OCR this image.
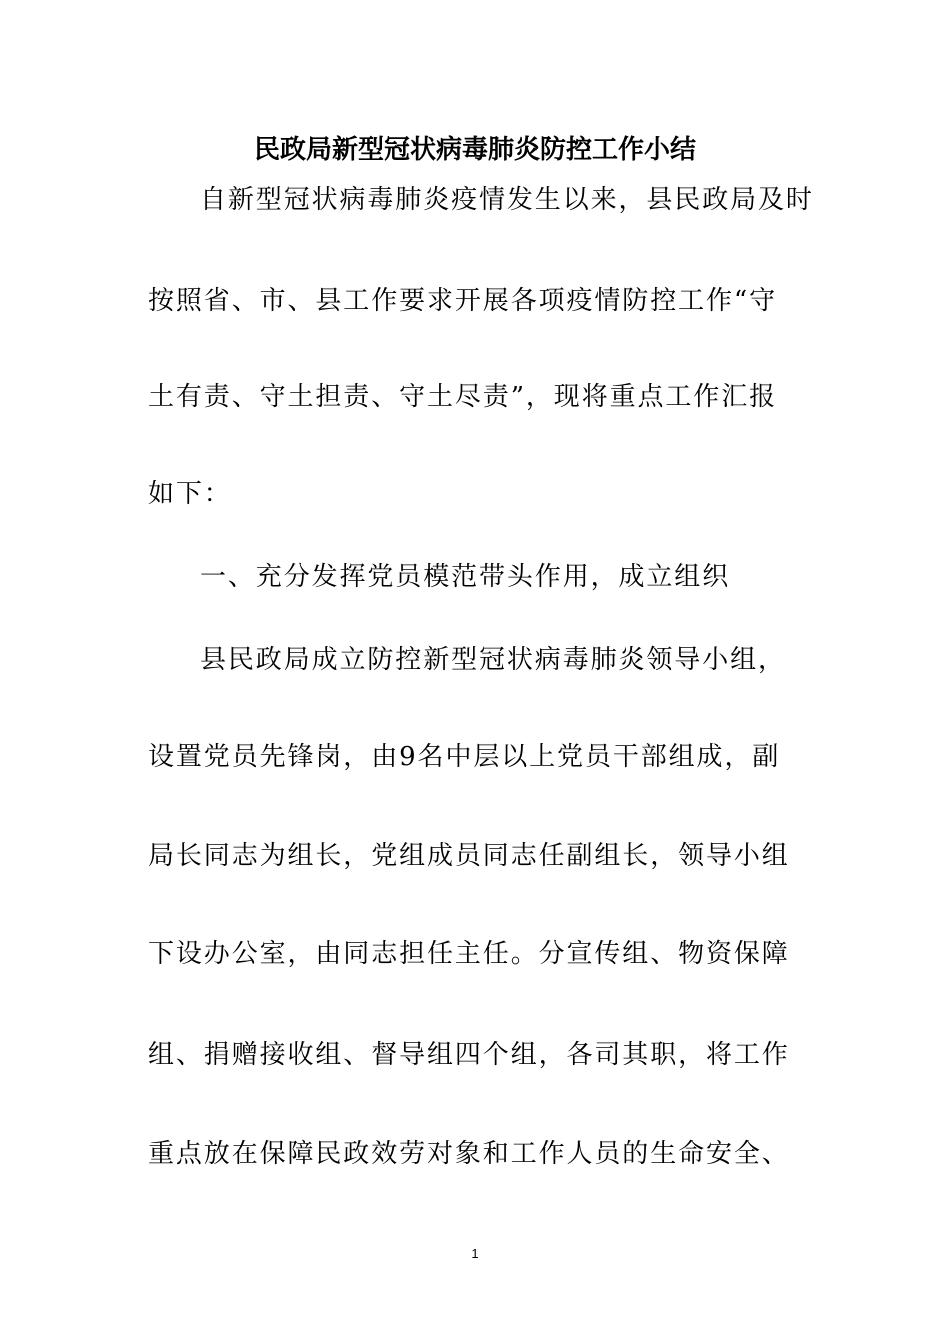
民政局新型冠状病毒肺炎防控工作小结

自新型冠状病毒肺炎疫情发生以来，县民政局及时

按照省、市、县工作要求开展各项疫情防控工作“守

土有责、守土担责、守土尽责”，现将重点工作汇报

如下：

一、充分发挥党员模范带头作用，成立组织

县民政局成立防控新型冠状病毒肺炎领导小组，

设置党员先锋岗，由9名中层以上党员干部组成，副

局长同志为组长，党组成员同志任副组长，领导小组

下设办公室，由同志担任主任。分宣传组、物资保障

组、捐赠接收组、督导组四个组，各司其职，将工作

重点放在保障民政效劳对象和工作人员的生命安全、

1
